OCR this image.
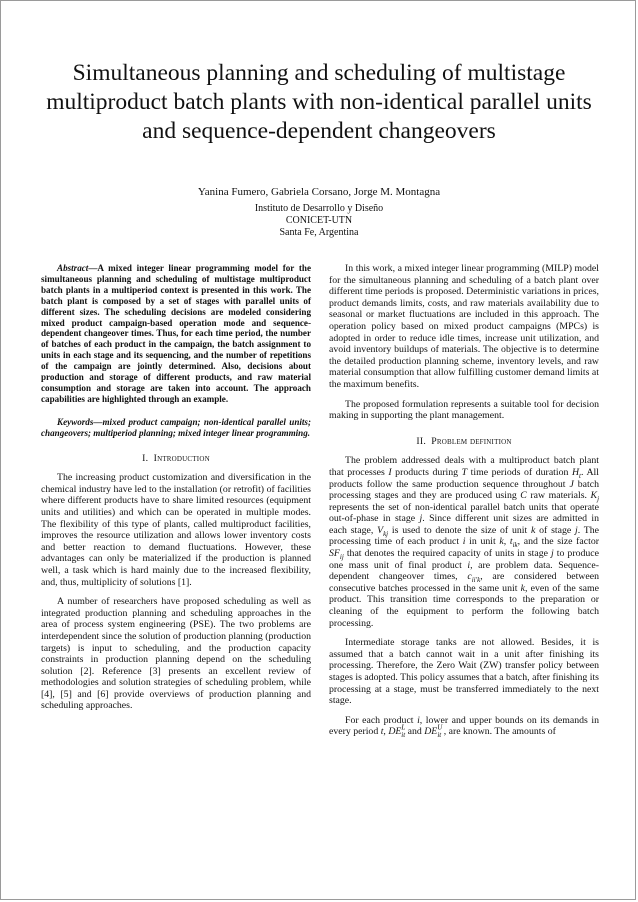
Simultaneous planning and scheduling of multistage multiproduct batch plants with non-identical parallel units and sequence-dependent changeovers
Yanina Fumero, Gabriela Corsano, Jorge M. Montagna
Instituto de Desarrollo y Diseño
CONICET-UTN
Santa Fe, Argentina

Abstract—A mixed integer linear programming model for the simultaneous planning and scheduling of multistage multiproduct batch plants in a multiperiod context is presented in this work. The batch plant is composed by a set of stages with parallel units of different sizes. The scheduling decisions are modeled considering mixed product campaign-based operation mode and sequence-dependent changeover times. Thus, for each time period, the number of batches of each product in the campaign, the batch assignment to units in each stage and its sequencing, and the number of repetitions of the campaign are jointly determined. Also, decisions about production and storage of different products, and raw material consumption and storage are taken into account. The approach capabilities are highlighted through an example.

Keywords—mixed product campaign; non-identical parallel units; changeovers; multiperiod planning; mixed integer linear programming.

I. Introduction

The increasing product customization and diversification in the chemical industry have led to the installation (or retrofit) of facilities where different products have to share limited resources (equipment units and utilities) and which can be operated in multiple modes. The flexibility of this type of plants, called multiproduct facilities, improves the resource utilization and allows lower inventory costs and better reaction to demand fluctuations. However, these advantages can only be materialized if the production is planned well, a task which is hard mainly due to the increased flexibility, and, thus, multiplicity of solutions [1].

A number of researchers have proposed scheduling as well as integrated production planning and scheduling approaches in the area of process system engineering (PSE). The two problems are interdependent since the solution of production planning (production targets) is input to scheduling, and the production capacity constraints in production planning depend on the scheduling solution [2]. Reference [3] presents an excellent review of methodologies and solution strategies of scheduling problem, while [4], [5] and [6] provide overviews of production planning and scheduling approaches.

In this work, a mixed integer linear programming (MILP) model for the simultaneous planning and scheduling of a batch plant over different time periods is proposed. Deterministic variations in prices, product demands limits, costs, and raw materials availability due to seasonal or market fluctuations are included in this approach. The operation policy based on mixed product campaigns (MPCs) is adopted in order to reduce idle times, increase unit utilization, and avoid inventory buildups of materials. The objective is to determine the detailed production planning scheme, inventory levels, and raw material consumption that allow fulfilling customer demand limits at the maximum benefits.

The proposed formulation represents a suitable tool for decision making in supporting the plant management.

II. Problem definition

The problem addressed deals with a multiproduct batch plant that processes I products during T time periods of duration $H_t$. All products follow the same production sequence throughout J batch processing stages and they are produced using C raw materials. $K_j$ represents the set of non-identical parallel batch units that operate out-of-phase in stage j. Since different unit sizes are admitted in each stage, $V_{kj}$ is used to denote the size of unit k of stage j. The processing time of each product i in unit k, $t_{ik}$, and the size factor $SF_{ij}$ that denotes the required capacity of units in stage j to produce one mass unit of final product i, are problem data. Sequence-dependent changeover times, $c_{ii'k}$, are considered between consecutive batches processed in the same unit k, even of the same product. This transition time corresponds to the preparation or cleaning of the equipment to perform the following batch processing.

Intermediate storage tanks are not allowed. Besides, it is assumed that a batch cannot wait in a unit after finishing its processing. Therefore, the Zero Wait (ZW) transfer policy between stages is adopted. This policy assumes that a batch, after finishing its processing at a stage, must be transferred immediately to the next stage.

For each product i, lower and upper bounds on its demands in every period t, $DE^L_{it}$ and $DE^U_{it}$ , are known. The amounts of
